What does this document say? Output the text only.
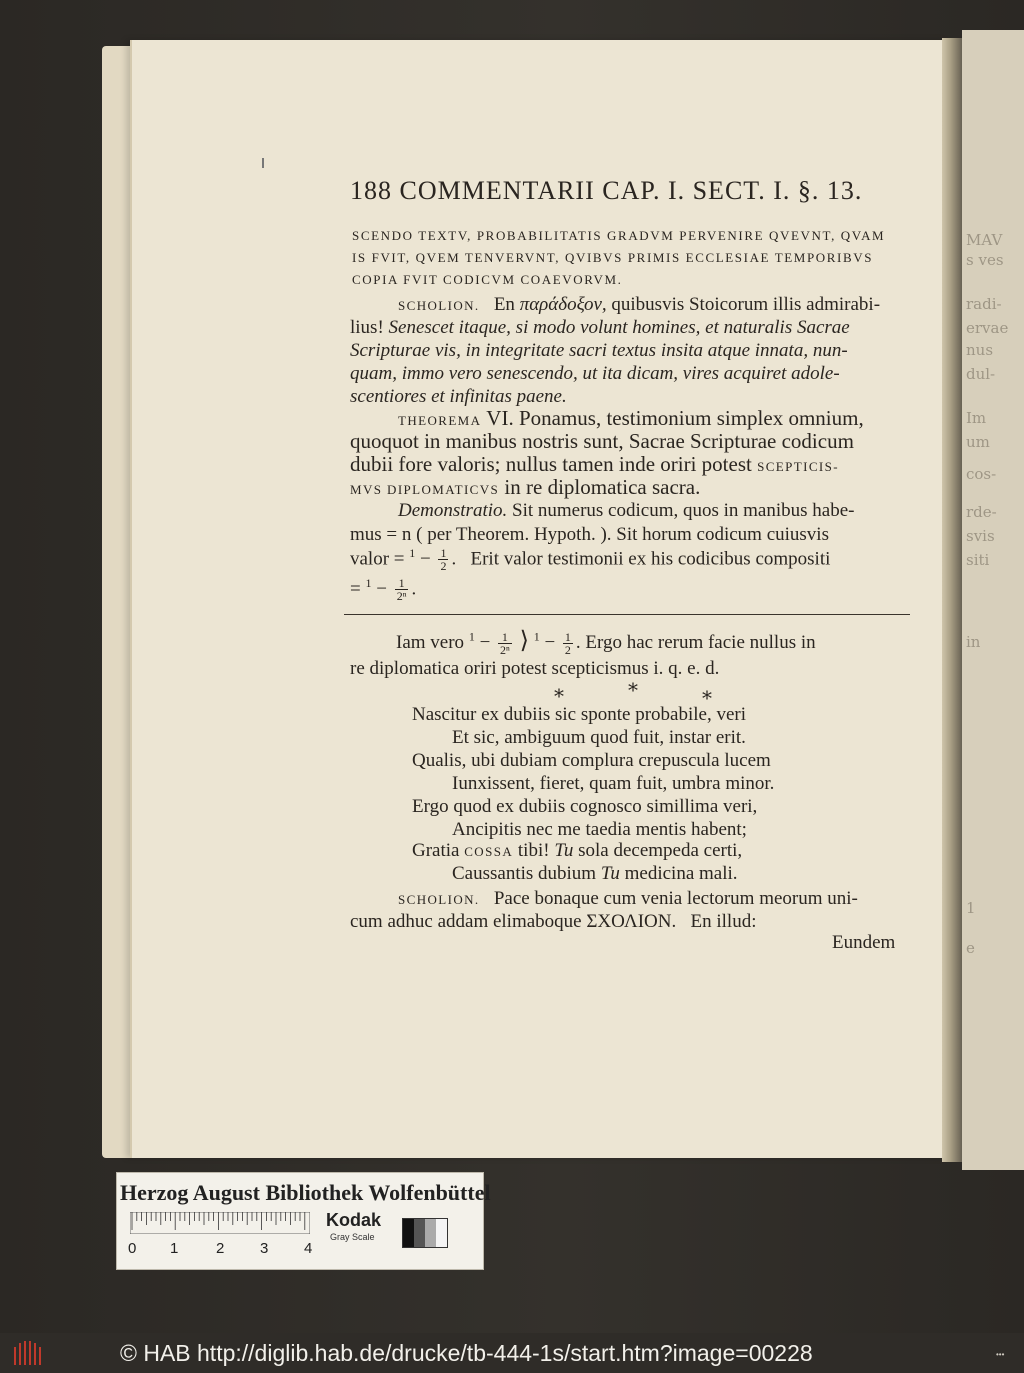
MAV
s ves
radi-
ervae
nus
dul-
Im
um
cos-
rde-
svis
siti
in
1
e
188 COMMENTARII CAP. I. SECT. I. §. 13.
SCENDO TEXTV, PROBABILITATIS GRADVM PERVENIRE QVEVNT, QVAM
IS FVIT, QVEM TENVERVNT, QVIBVS PRIMIS ECCLESIAE TEMPORIBVS
COPIA FVIT CODICVM COAEVORVM.
SCHOLION. En παράδοξον, quibusvis Stoicorum illis admirabi-
lius! Senescet itaque, si modo volunt homines, et naturalis Sacrae
Scripturae vis, in integritate sacri textus insita atque innata, nun-
quam, immo vero senescendo, ut ita dicam, vires acquiret adole-
scentiores et infinitas paene.
THEOREMA VI. Ponamus, testimonium simplex omnium,
quoquot in manibus nostris sunt, Sacrae Scripturae codicum
dubii fore valoris; nullus tamen inde oriri potest SCEPTICIS-
MVS DIPLOMATICVS in re diplomatica sacra.
Demonstratio. Sit numerus codicum, quos in manibus habe-
mus = n ( per Theorem. Hypoth. ). Sit horum codicum cuiusvis
valor = $^1 - \frac{1}{2}$ . Erit valor testimonii ex his codicibus compositi
= $^1 - \frac{1}{\text{2ⁿ}}$ .
Iam vero $^1 - \frac{1}{\text{2ⁿ}}$ ⟩ $^1 - \frac{1}{2}$ . Ergo hac rerum facie nullus in
re diplomatica oriri potest scepticismus i. q. e. d.
*	*	*
Nascitur ex dubiis sic sponte probabile, veri
Et sic, ambiguum quod fuit, instar erit.
Qualis, ubi dubiam complura crepuscula lucem
Iunxissent, fieret, quam fuit, umbra minor.
Ergo quod ex dubiis cognosco simillima veri,
Ancipitis nec me taedia mentis habent;
Gratia COSSA tibi! Tu sola decempeda certi,
Caussantis dubium Tu medicina mali.
SCHOLION. Pace bonaque cum venia lectorum meorum uni-
cum adhuc addam elimaboque ΣΧΟΛΙΟΝ. En illud:
Eundem
Herzog August Bibliothek Wolfenbüttel
0 1	2 3 4
Kodak
Gray Scale
© HAB http://diglib.hab.de/drucke/tb-444-1s/start.htm?image=00228	•••
